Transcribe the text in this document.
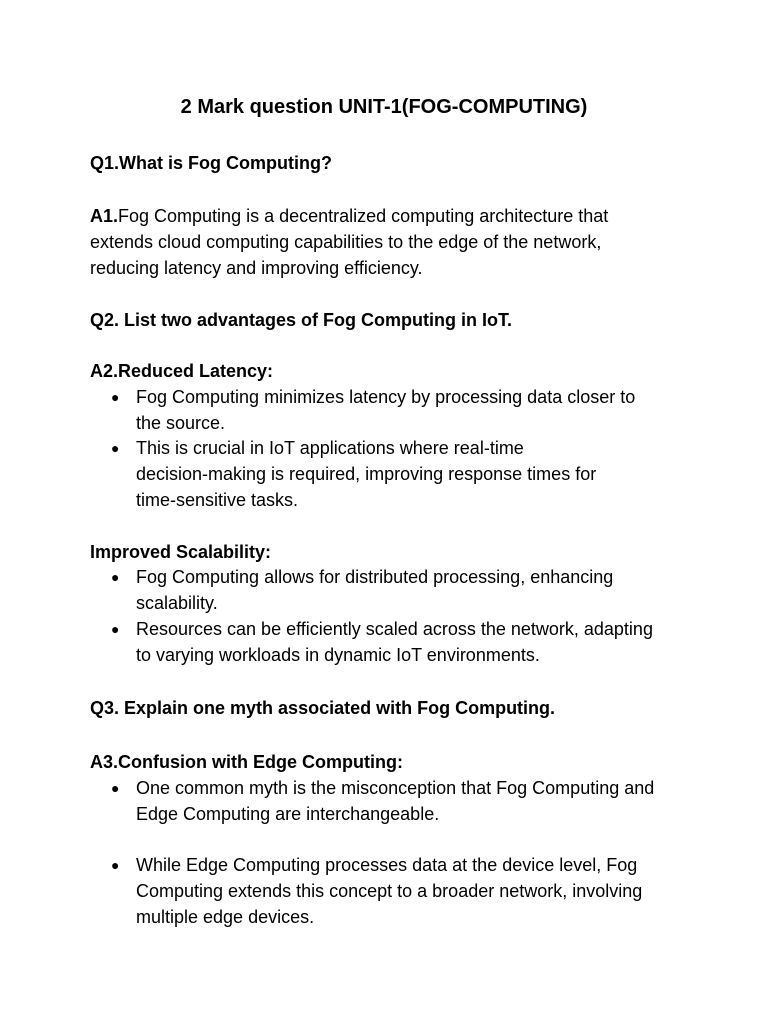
2 Mark question UNIT-1(FOG-COMPUTING)
Q1.What is Fog Computing?
A1.Fog Computing is a decentralized computing architecture that
extends cloud computing capabilities to the edge of the network,
reducing latency and improving efficiency.
Q2. List two advantages of Fog Computing in IoT.
A2.Reduced Latency:
● Fog Computing minimizes latency by processing data closer to
the source.
● This is crucial in IoT applications where real-time
decision-making is required, improving response times for
time-sensitive tasks.
Improved Scalability:
● Fog Computing allows for distributed processing, enhancing
scalability.
● Resources can be efficiently scaled across the network, adapting
to varying workloads in dynamic IoT environments.
Q3. Explain one myth associated with Fog Computing.
A3.Confusion with Edge Computing:
● One common myth is the misconception that Fog Computing and
Edge Computing are interchangeable.
● While Edge Computing processes data at the device level, Fog
Computing extends this concept to a broader network, involving
multiple edge devices.
